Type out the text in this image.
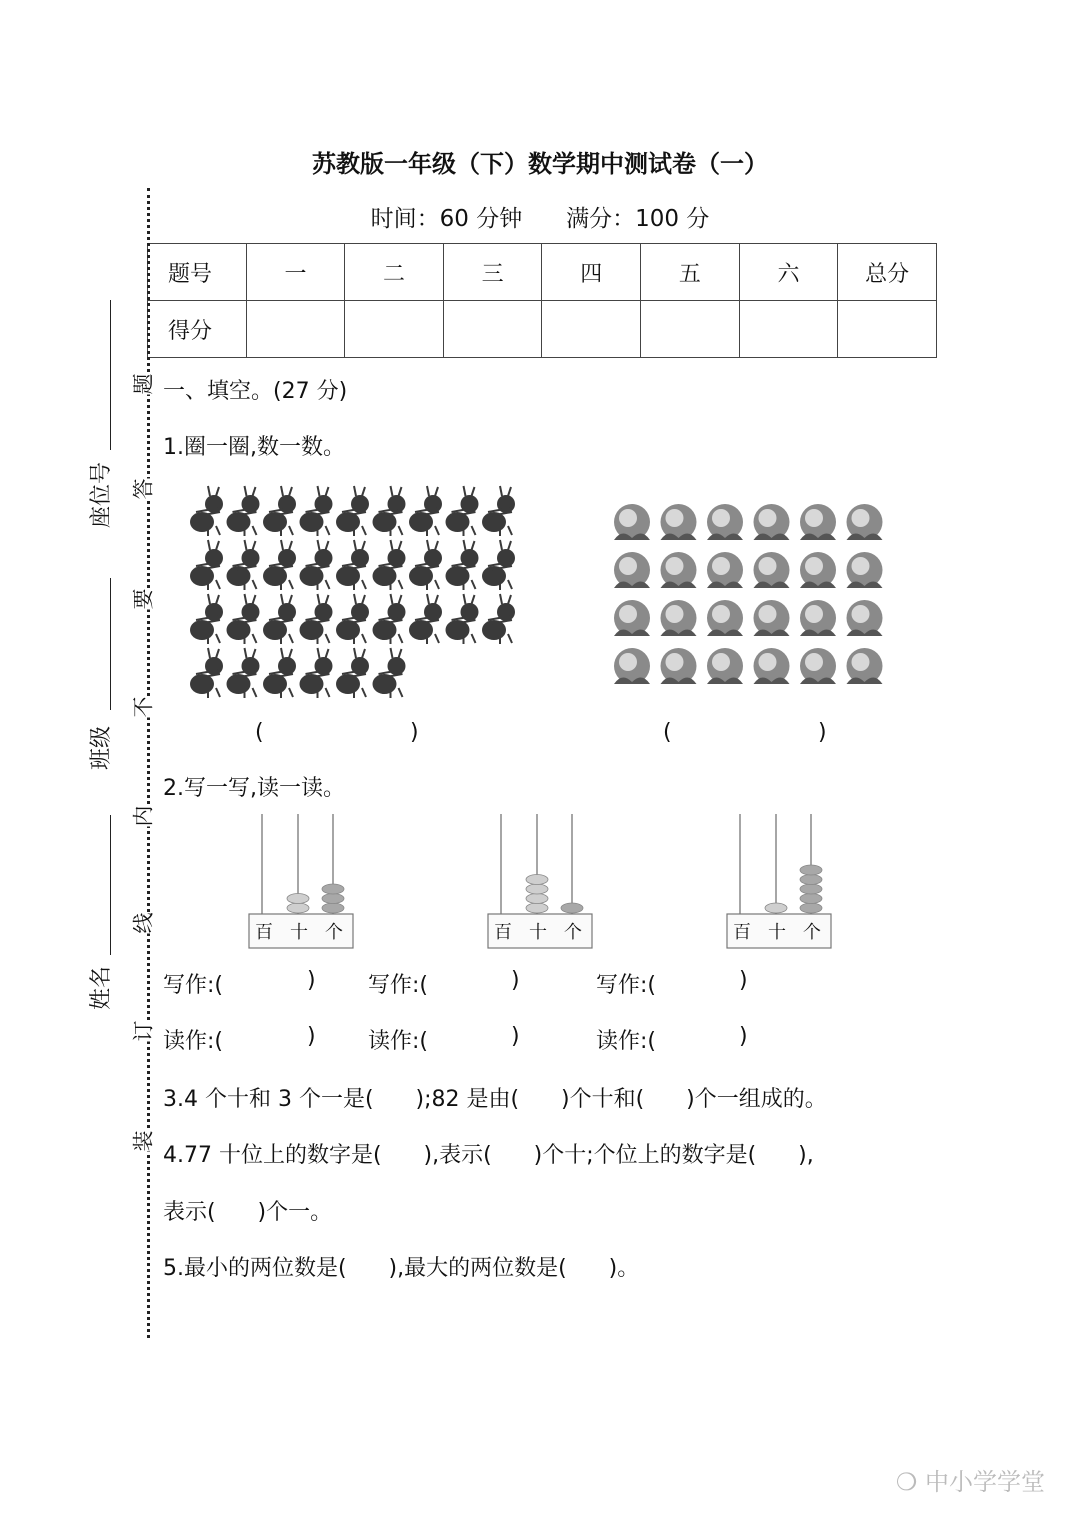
苏教版一年级（下）数学期中测试卷（一）
时间：60 分钟      满分：100 分
题号	一	二	三	四	五	六	总分
得分							
题
答
要
不
内
线
订
装
座位号
班级
姓名
一、填空。(27 分)
1.圈一圈,数一数。
(	)	(	)
2.写一写,读一读。
百 十 个	百 十 个	百 十 个
写作:(	) 写作:(	)	写作:(	)
读作:(	) 读作:(	)	读作:(	)
3.4 个十和 3 个一是(      );82 是由(      )个十和(      )个一组成的。
4.77 十位上的数字是(      ),表示(      )个十;个位上的数字是(      ),
表示(      )个一。
5.最小的两位数是(      ),最大的两位数是(      )。
❍ 中小学学堂
